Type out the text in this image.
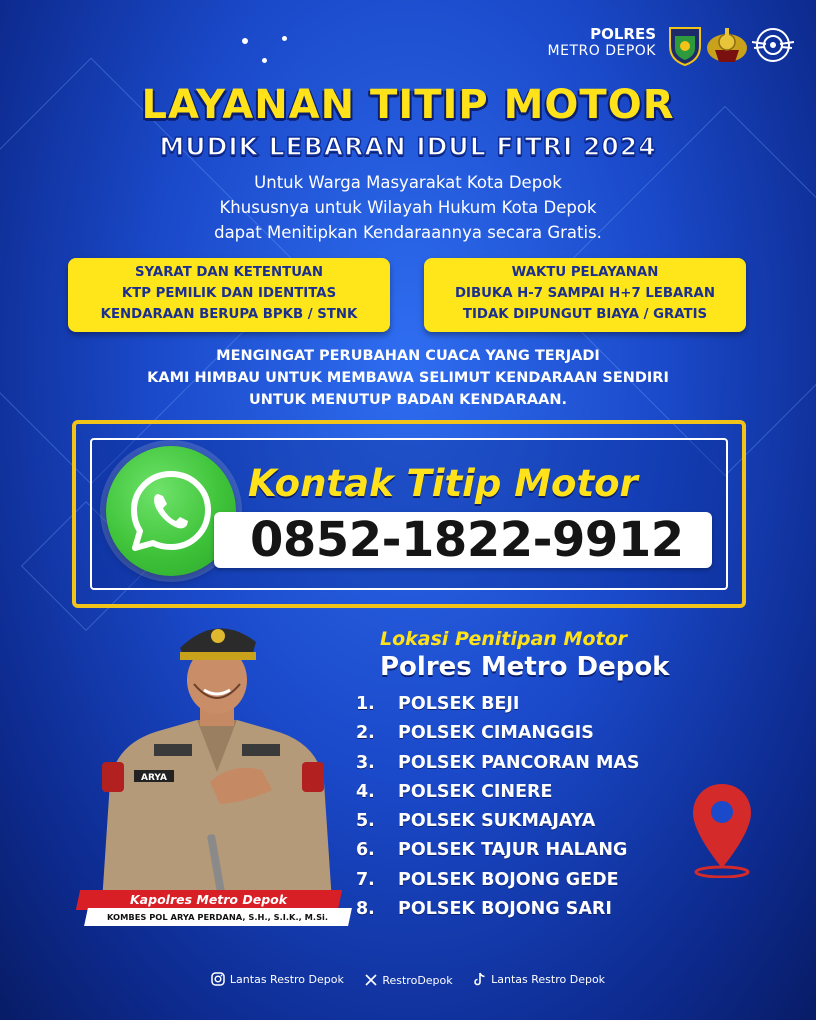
POLRES
METRO DEPOK
LAYANAN TITIP MOTOR
MUDIK LEBARAN IDUL FITRI 2024
Untuk Warga Masyarakat Kota Depok
Khususnya untuk Wilayah Hukum Kota Depok
dapat Menitipkan Kendaraannya secara Gratis.
SYARAT DAN KETENTUAN
KTP PEMILIK DAN IDENTITAS
KENDARAAN BERUPA BPKB / STNK
WAKTU PELAYANAN
DIBUKA H-7 SAMPAI H+7 LEBARAN
TIDAK DIPUNGUT BIAYA / GRATIS
MENGINGAT PERUBAHAN CUACA YANG TERJADI
KAMI HIMBAU UNTUK MEMBAWA SELIMUT KENDARAAN SENDIRI
UNTUK MENUTUP BADAN KENDARAAN.
Kontak Titip Motor
0852-1822-9912
ARYA
Kapolres Metro Depok
KOMBES POL ARYA PERDANA, S.H., S.I.K., M.Si.
Lokasi Penitipan Motor
Polres Metro Depok
1. POLSEK BEJI
2. POLSEK CIMANGGIS
3. POLSEK PANCORAN MAS
4. POLSEK CINERE
5. POLSEK SUKMAJAYA
6. POLSEK TAJUR HALANG
7. POLSEK BOJONG GEDE
8. POLSEK BOJONG SARI
Lantas Restro Depok
	RestroDepok
	Lantas Restro Depok
